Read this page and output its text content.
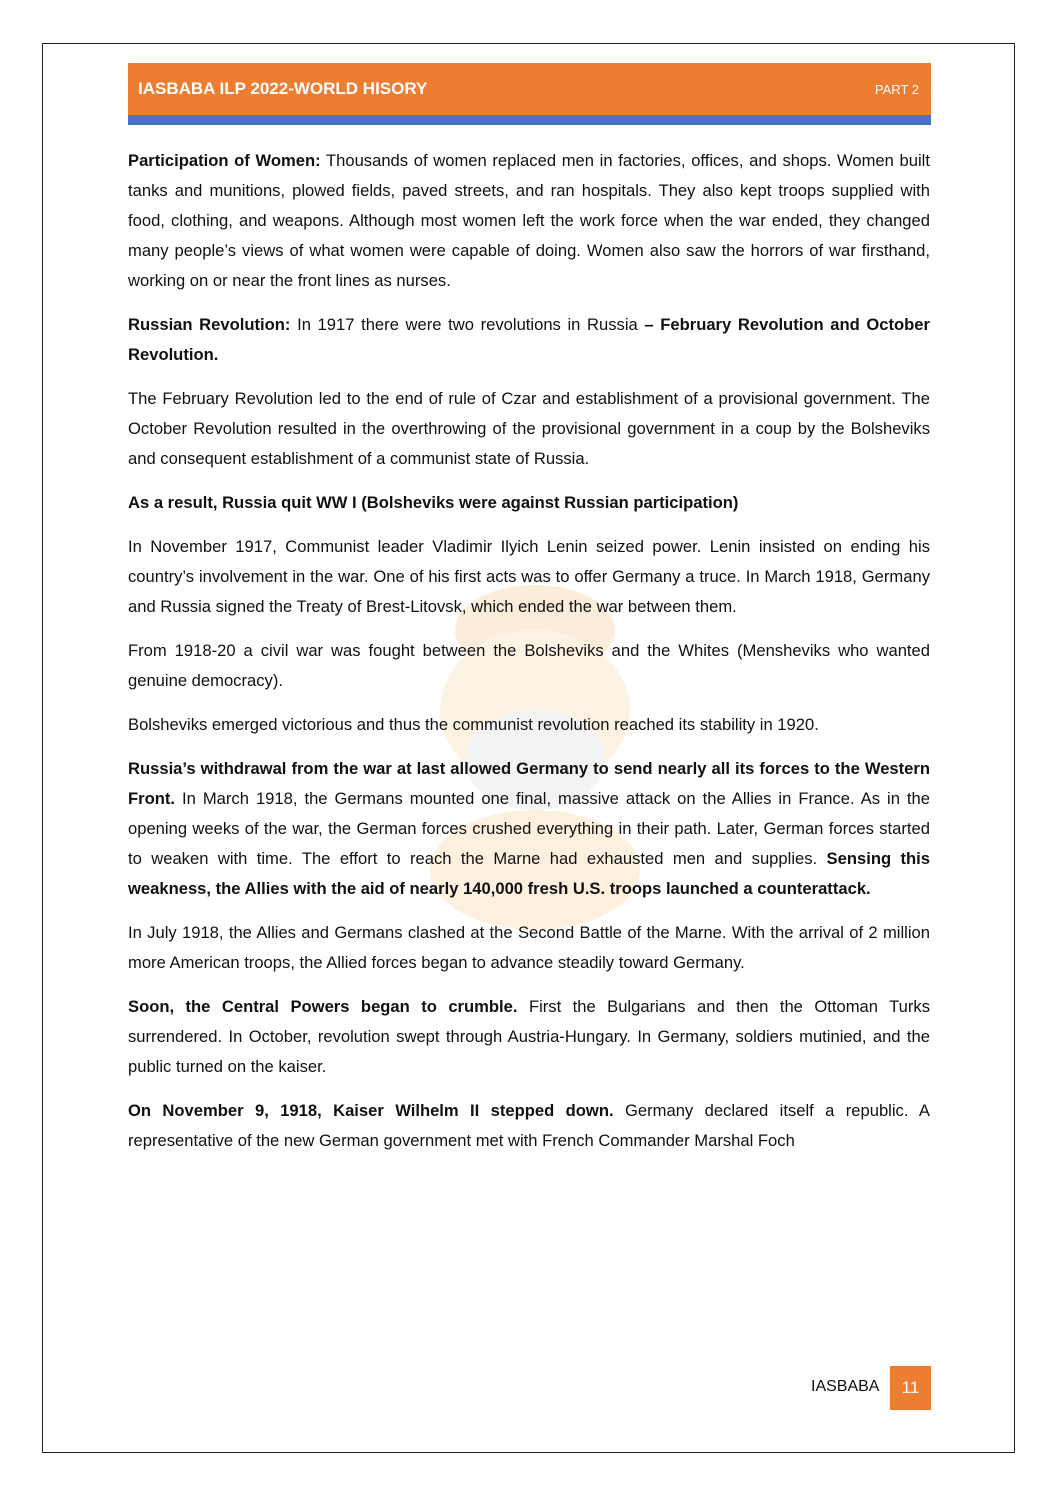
IASBABA ILP 2022-WORLD HISORY	PART 2

Participation of Women: Thousands of women replaced men in factories, offices, and shops. Women built tanks and munitions, plowed fields, paved streets, and ran hospitals. They also kept troops supplied with food, clothing, and weapons. Although most women left the work force when the war ended, they changed many people’s views of what women were capable of doing. Women also saw the horrors of war firsthand, working on or near the front lines as nurses.

Russian Revolution: In 1917 there were two revolutions in Russia – February Revolution and October Revolution.

The February Revolution led to the end of rule of Czar and establishment of a provisional government. The October Revolution resulted in the overthrowing of the provisional government in a coup by the Bolsheviks and consequent establishment of a communist state of Russia.

As a result, Russia quit WW I (Bolsheviks were against Russian participation)

In November 1917, Communist leader Vladimir Ilyich Lenin seized power. Lenin insisted on ending his country’s involvement in the war. One of his first acts was to offer Germany a truce. In March 1918, Germany and Russia signed the Treaty of Brest-Litovsk, which ended the war between them.

From 1918-20 a civil war was fought between the Bolsheviks and the Whites (Mensheviks who wanted genuine democracy).

Bolsheviks emerged victorious and thus the communist revolution reached its stability in 1920.

Russia’s withdrawal from the war at last allowed Germany to send nearly all its forces to the Western Front. In March 1918, the Germans mounted one final, massive attack on the Allies in France. As in the opening weeks of the war, the German forces crushed everything in their path. Later, German forces started to weaken with time. The effort to reach the Marne had exhausted men and supplies. Sensing this weakness, the Allies with the aid of nearly 140,000 fresh U.S. troops launched a counterattack.

In July 1918, the Allies and Germans clashed at the Second Battle of the Marne. With the arrival of 2 million more American troops, the Allied forces began to advance steadily toward Germany.

Soon, the Central Powers began to crumble. First the Bulgarians and then the Ottoman Turks surrendered. In October, revolution swept through Austria-Hungary. In Germany, soldiers mutinied, and the public turned on the kaiser.

On November 9, 1918, Kaiser Wilhelm II stepped down. Germany declared itself a republic. A representative of the new German government met with French Commander Marshal Foch

IASBABA	11
